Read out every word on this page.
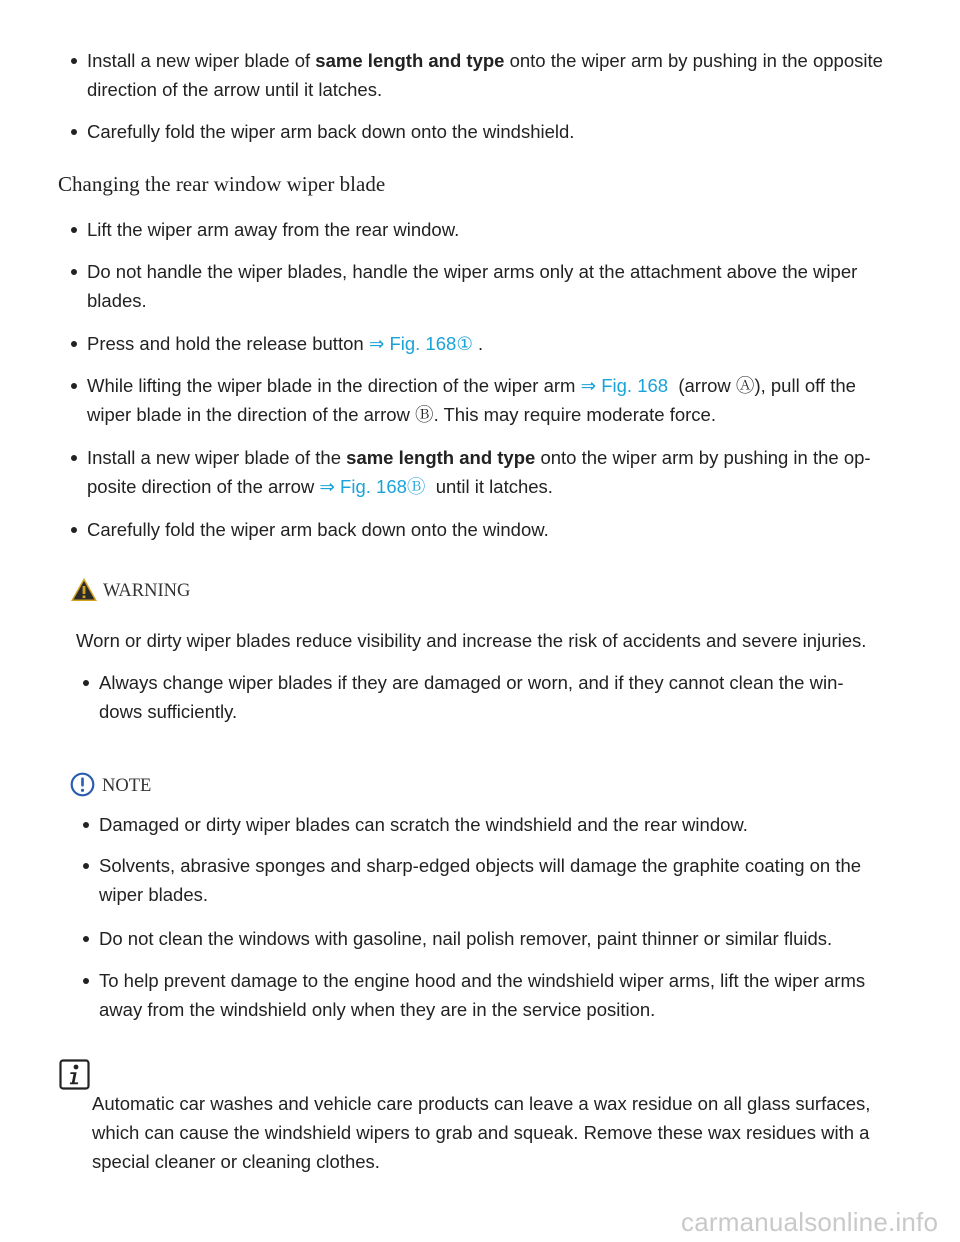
Install a new wiper blade of same length and type onto the wiper arm by pushing in the opposite
direction of the arrow until it latches.
Carefully fold the wiper arm back down onto the windshield.
Changing the rear window wiper blade
Lift the wiper arm away from the rear window.
Do not handle the wiper blades, handle the wiper arms only at the attachment above the wiper
blades.
Press and hold the release button ⇒ Fig. 168① .
While lifting the wiper blade in the direction of the wiper arm ⇒ Fig. 168  (arrow Ⓐ), pull off the
wiper blade in the direction of the arrow Ⓑ. This may require moderate force.
Install a new wiper blade of the same length and type onto the wiper arm by pushing in the op-
posite direction of the arrow ⇒ Fig. 168Ⓑ  until it latches.
Carefully fold the wiper arm back down onto the window.
WARNING
Worn or dirty wiper blades reduce visibility and increase the risk of accidents and severe injuries.
Always change wiper blades if they are damaged or worn, and if they cannot clean the win-
dows sufficiently.
NOTE
Damaged or dirty wiper blades can scratch the windshield and the rear window.
Solvents, abrasive sponges and sharp-edged objects will damage the graphite coating on the
wiper blades.
Do not clean the windows with gasoline, nail polish remover, paint thinner or similar fluids.
To help prevent damage to the engine hood and the windshield wiper arms, lift the wiper arms
away from the windshield only when they are in the service position.
Automatic car washes and vehicle care products can leave a wax residue on all glass surfaces,
which can cause the windshield wipers to grab and squeak. Remove these wax residues with a
special cleaner or cleaning clothes.
carmanualsonline.info
